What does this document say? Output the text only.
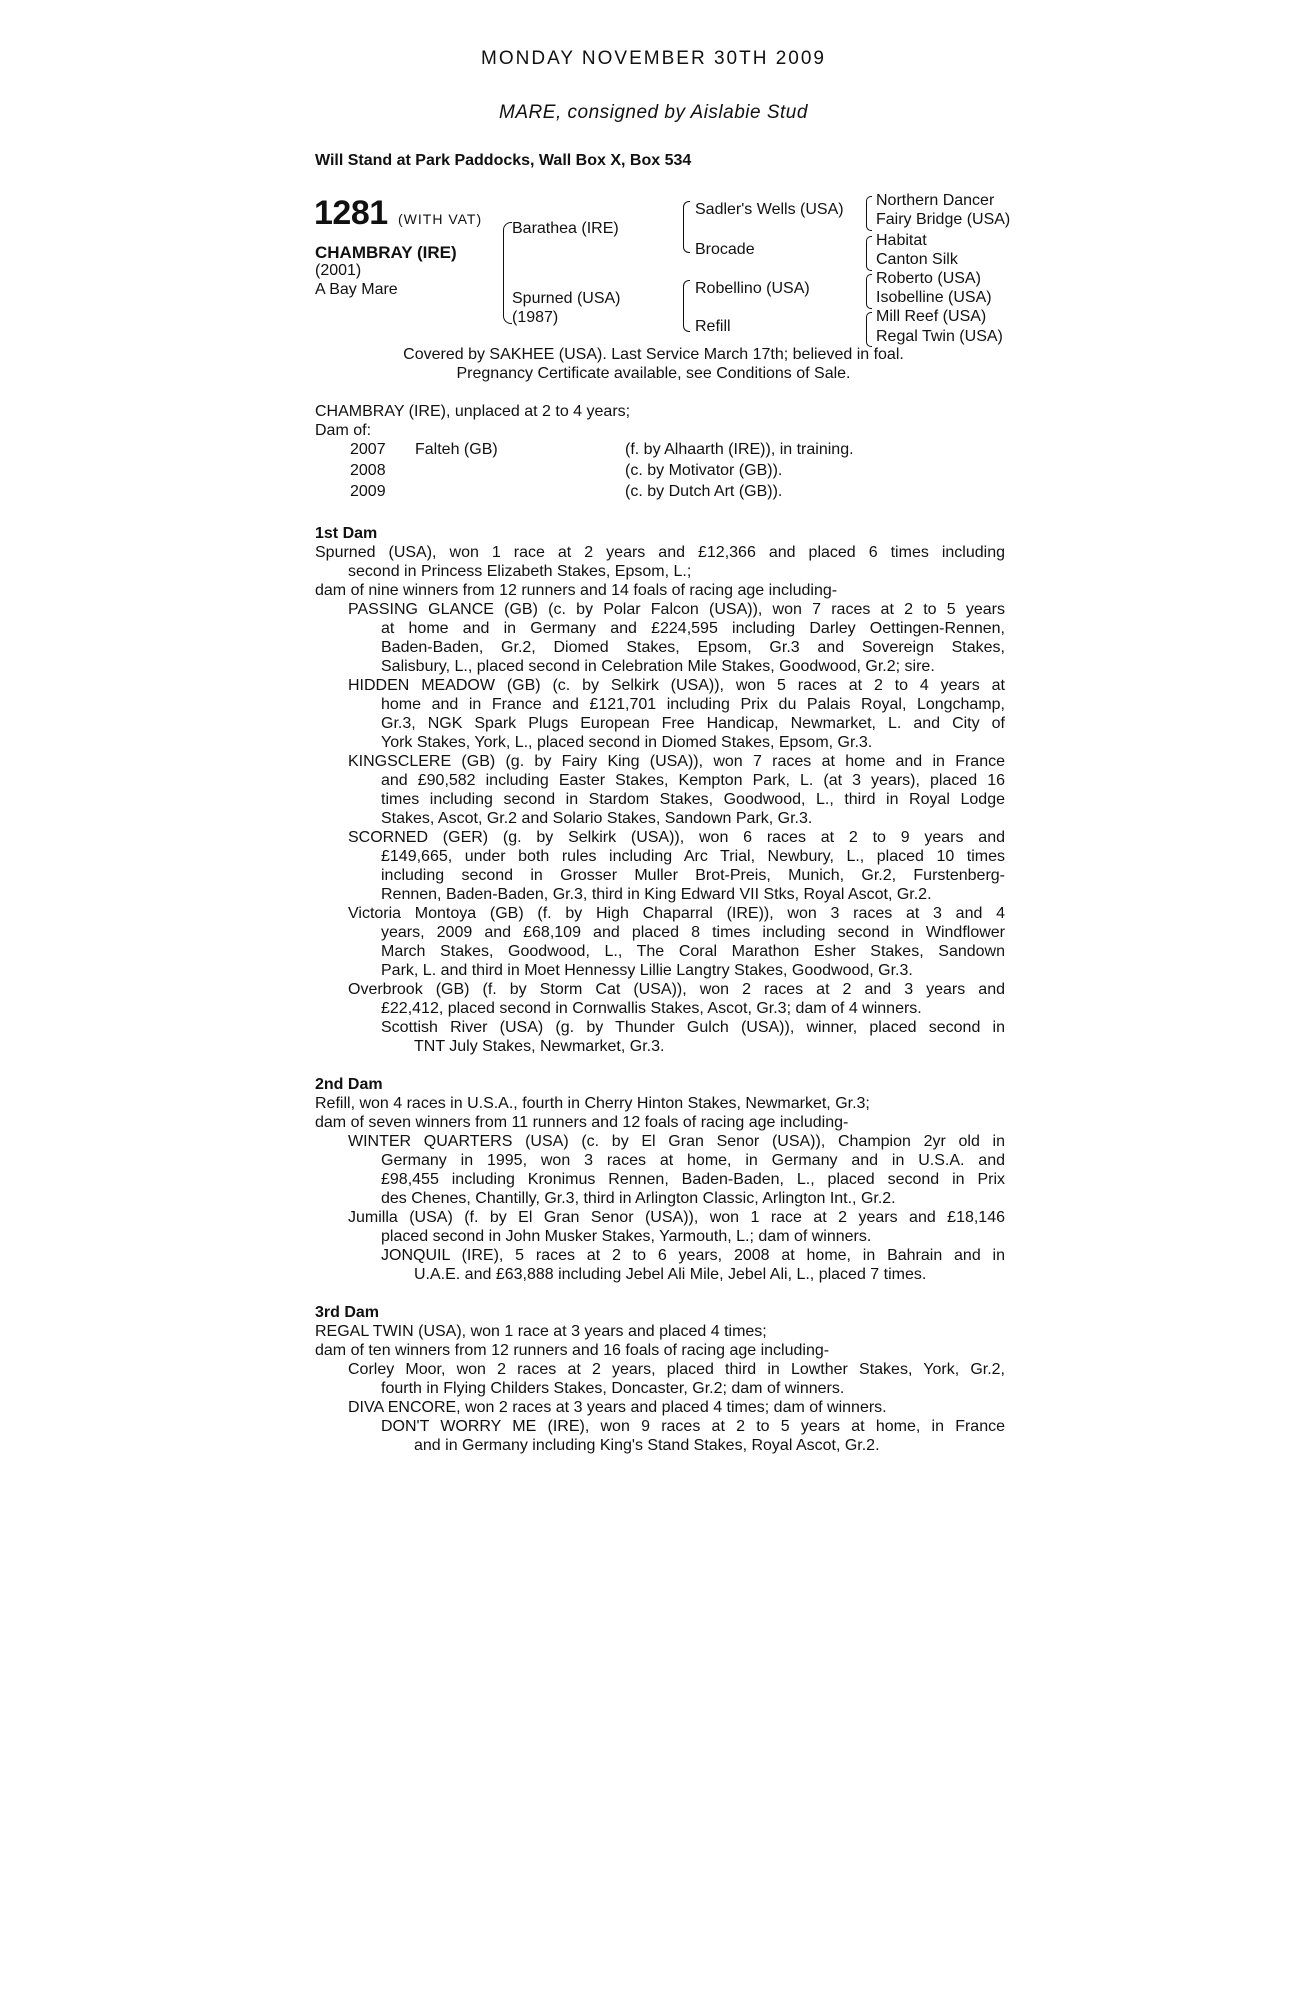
MONDAY NOVEMBER 30TH 2009
MARE, consigned by Aislabie Stud
Will Stand at Park Paddocks, Wall Box X, Box 534
1281 (WITH VAT)
CHAMBRAY (IRE)
(2001)
A Bay Mare
Barathea (IRE)
Spurned (USA)
(1987)
Sadler's Wells (USA)
Brocade
Robellino (USA)
Refill
Northern Dancer
Fairy Bridge (USA)
Habitat
Canton Silk
Roberto (USA)
Isobelline (USA)
Mill Reef (USA)
Regal Twin (USA)
Covered by SAKHEE (USA). Last Service March 17th; believed in foal.
Pregnancy Certificate available, see Conditions of Sale.
CHAMBRAY (IRE), unplaced at 2 to 4 years;
Dam of:
2007 Falteh (GB)	(f. by Alhaarth (IRE)), in training.
2008	(c. by Motivator (GB)).
2009	(c. by Dutch Art (GB)).
1st Dam
Spurned (USA), won 1 race at 2 years and £12,366 and placed 6 times including
second in Princess Elizabeth Stakes, Epsom, L.;
dam of nine winners from 12 runners and 14 foals of racing age including-
PASSING GLANCE (GB) (c. by Polar Falcon (USA)), won 7 races at 2 to 5 years
at home and in Germany and £224,595 including Darley Oettingen-Rennen,
Baden-Baden, Gr.2, Diomed Stakes, Epsom, Gr.3 and Sovereign Stakes,
Salisbury, L., placed second in Celebration Mile Stakes, Goodwood, Gr.2; sire.
HIDDEN MEADOW (GB) (c. by Selkirk (USA)), won 5 races at 2 to 4 years at
home and in France and £121,701 including Prix du Palais Royal, Longchamp,
Gr.3, NGK Spark Plugs European Free Handicap, Newmarket, L. and City of
York Stakes, York, L., placed second in Diomed Stakes, Epsom, Gr.3.
KINGSCLERE (GB) (g. by Fairy King (USA)), won 7 races at home and in France
and £90,582 including Easter Stakes, Kempton Park, L. (at 3 years), placed 16
times including second in Stardom Stakes, Goodwood, L., third in Royal Lodge
Stakes, Ascot, Gr.2 and Solario Stakes, Sandown Park, Gr.3.
SCORNED (GER) (g. by Selkirk (USA)), won 6 races at 2 to 9 years and
£149,665, under both rules including Arc Trial, Newbury, L., placed 10 times
including second in Grosser Muller Brot-Preis, Munich, Gr.2, Furstenberg-
Rennen, Baden-Baden, Gr.3, third in King Edward VII Stks, Royal Ascot, Gr.2.
Victoria Montoya (GB) (f. by High Chaparral (IRE)), won 3 races at 3 and 4
years, 2009 and £68,109 and placed 8 times including second in Windflower
March Stakes, Goodwood, L., The Coral Marathon Esher Stakes, Sandown
Park, L. and third in Moet Hennessy Lillie Langtry Stakes, Goodwood, Gr.3.
Overbrook (GB) (f. by Storm Cat (USA)), won 2 races at 2 and 3 years and
£22,412, placed second in Cornwallis Stakes, Ascot, Gr.3; dam of 4 winners.
Scottish River (USA) (g. by Thunder Gulch (USA)), winner, placed second in
TNT July Stakes, Newmarket, Gr.3.
2nd Dam
Refill, won 4 races in U.S.A., fourth in Cherry Hinton Stakes, Newmarket, Gr.3;
dam of seven winners from 11 runners and 12 foals of racing age including-
WINTER QUARTERS (USA) (c. by El Gran Senor (USA)), Champion 2yr old in
Germany in 1995, won 3 races at home, in Germany and in U.S.A. and
£98,455 including Kronimus Rennen, Baden-Baden, L., placed second in Prix
des Chenes, Chantilly, Gr.3, third in Arlington Classic, Arlington Int., Gr.2.
Jumilla (USA) (f. by El Gran Senor (USA)), won 1 race at 2 years and £18,146
placed second in John Musker Stakes, Yarmouth, L.; dam of winners.
JONQUIL (IRE), 5 races at 2 to 6 years, 2008 at home, in Bahrain and in
U.A.E. and £63,888 including Jebel Ali Mile, Jebel Ali, L., placed 7 times.
3rd Dam
REGAL TWIN (USA), won 1 race at 3 years and placed 4 times;
dam of ten winners from 12 runners and 16 foals of racing age including-
Corley Moor, won 2 races at 2 years, placed third in Lowther Stakes, York, Gr.2,
fourth in Flying Childers Stakes, Doncaster, Gr.2; dam of winners.
DIVA ENCORE, won 2 races at 3 years and placed 4 times; dam of winners.
DON'T WORRY ME (IRE), won 9 races at 2 to 5 years at home, in France
and in Germany including King's Stand Stakes, Royal Ascot, Gr.2.
